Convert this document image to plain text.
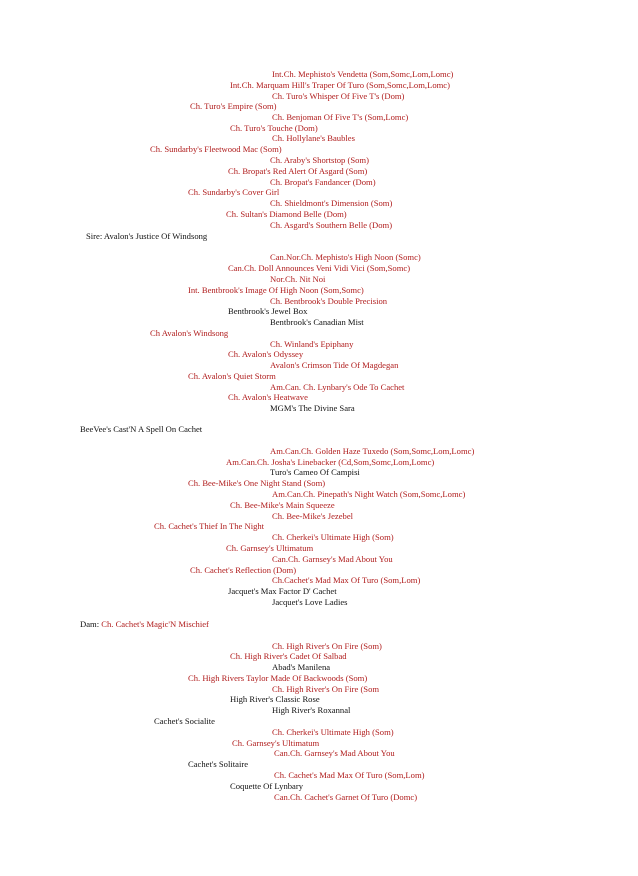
Int.Ch. Mephisto's Vendetta (Som,Somc,Lom,Lomc)
Int.Ch. Marquam Hill's Traper Of Turo (Som,Somc,Lom,Lomc)
Ch. Turo's Whisper Of Five T's (Dom)
Ch. Turo's Empire (Som)
Ch. Benjoman Of Five T's (Som,Lomc)
Ch. Turo's Touche (Dom)
Ch. Hollylane's Baubles
Ch. Sundarby's Fleetwood Mac (Som)
Ch. Araby's Shortstop (Som)
Ch. Bropat's Red Alert Of Asgard (Som)
Ch. Bropat's Fandancer (Dom)
Ch. Sundarby's Cover Girl
Ch. Shieldmont's Dimension (Som)
Ch. Sultan's Diamond Belle (Dom)
Ch. Asgard's Southern Belle (Dom)
Sire: Avalon's Justice Of Windsong
Can.Nor.Ch. Mephisto's High Noon (Somc)
Can.Ch. Doll Announces Veni Vidi Vici (Som,Somc)
Nor.Ch. Nit Noi
Int. Bentbrook's Image Of High Noon (Som,Somc)
Ch. Bentbrook's Double Precision
Bentbrook's Jewel Box
Bentbrook's Canadian Mist
Ch Avalon's Windsong
Ch. Winland's Epiphany
Ch. Avalon's Odyssey
Avalon's Crimson Tide Of Magdegan
Ch. Avalon's Quiet Storm
Am.Can. Ch. Lynbary's Ode To Cachet
Ch. Avalon's Heatwave
MGM's The Divine Sara
BeeVee's Cast'N A Spell On Cachet
Am.Can.Ch. Golden Haze Tuxedo (Som,Somc,Lom,Lomc)
Am.Can.Ch. Josha's Linebacker (Cd,Som,Somc,Lom,Lomc)
Turo's Cameo Of Campisi
Ch. Bee-Mike's One Night Stand (Som)
Am.Can.Ch. Pinepath's Night Watch (Som,Somc,Lomc)
Ch. Bee-Mike's Main Squeeze
Ch. Bee-Mike's Jezebel
Ch. Cachet's Thief In The Night
Ch. Cherkei's Ultimate High (Som)
Ch. Garnsey's Ultimatum
Can.Ch. Garnsey's Mad About You
Ch. Cachet's Reflection (Dom)
Ch.Cachet's Mad Max Of Turo (Som,Lom)
Jacquet's Max Factor D' Cachet
Jacquet's Love Ladies
Dam: Ch. Cachet's Magic'N Mischief
Ch. High River's On Fire (Som)
Ch. High River's Cadet Of Salbad
Abad's Manilena
Ch. High Rivers Taylor Made Of Backwoods (Som)
Ch. High River's On Fire (Som
High River's Classic Rose
High River's Roxannal
Cachet's Socialite
Ch. Cherkei's Ultimate High (Som)
Ch. Garnsey's Ultimatum
Can.Ch. Garnsey's Mad About You
Cachet's Solitaire
Ch. Cachet's Mad Max Of Turo (Som,Lom)
Coquette Of Lynbary
Can.Ch. Cachet's Garnet Of Turo (Domc)
